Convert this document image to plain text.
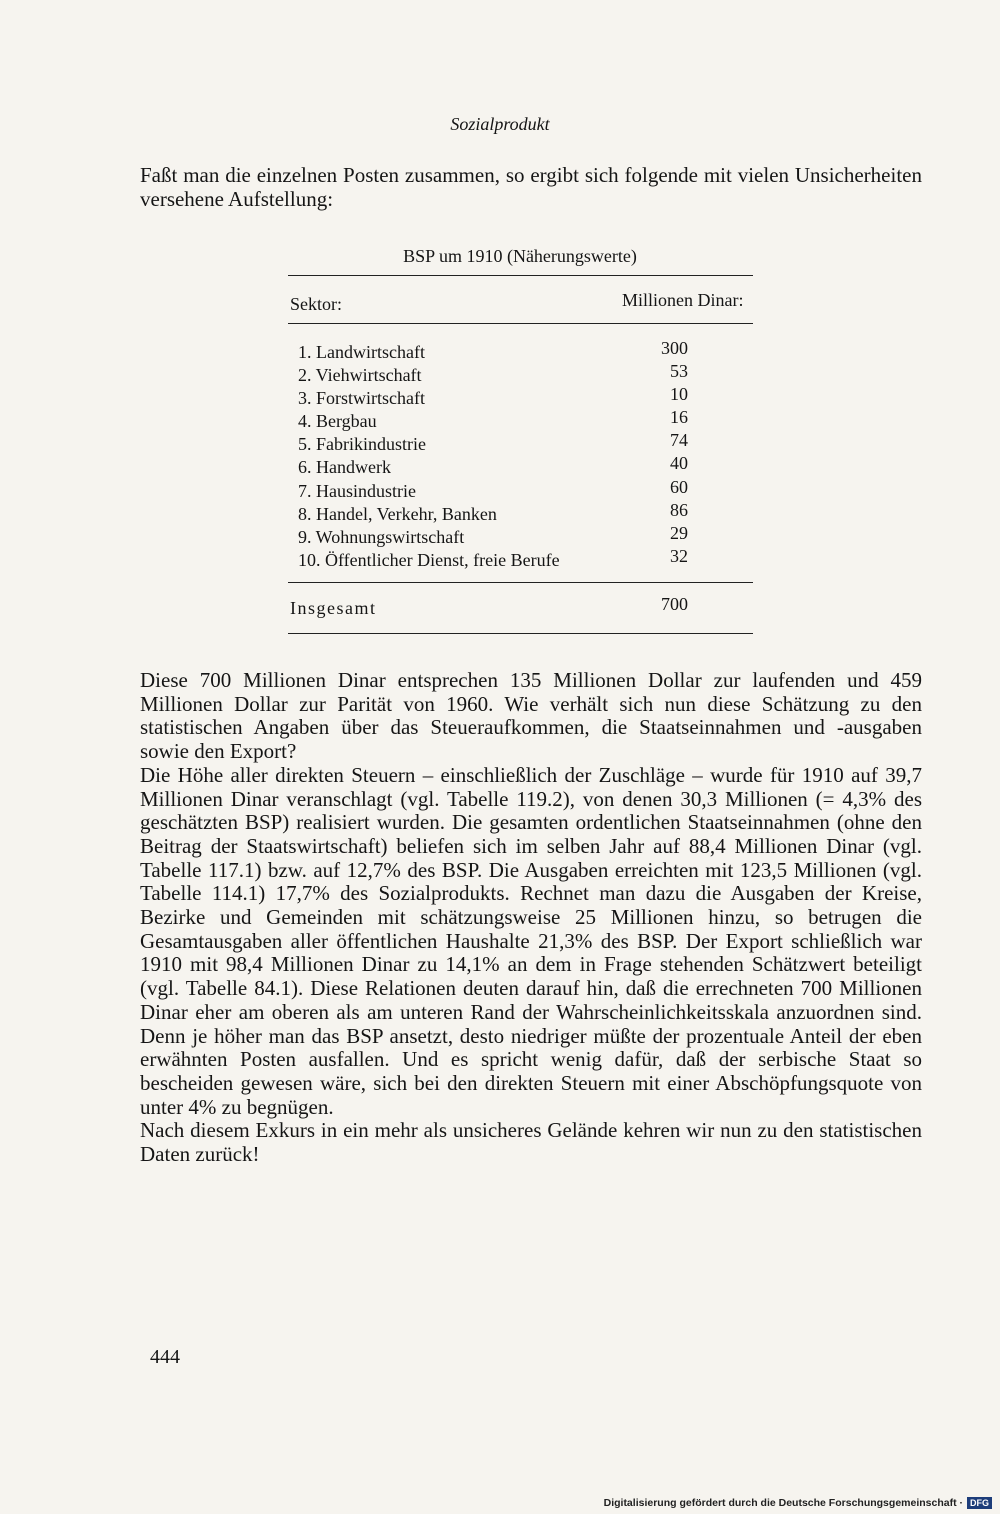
Sozialprodukt

Faßt man die einzelnen Posten zusammen, so ergibt sich folgende mit vielen Unsicherheiten versehene Aufstellung:

BSP um 1910 (Näherungswerte)
Sektor:	Millionen Dinar:
1. Landwirtschaft	300
2. Viehwirtschaft	53
3. Forstwirtschaft	10
4. Bergbau	16
5. Fabrikindustrie	74
6. Handwerk	40
7. Hausindustrie	60
8. Handel, Verkehr, Banken	86
9. Wohnungswirtschaft	29
10. Öffentlicher Dienst, freie Berufe	32
Insgesamt	700

Diese 700 Millionen Dinar entsprechen 135 Millionen Dollar zur laufenden und 459 Millionen Dollar zur Parität von 1960. Wie verhält sich nun diese Schätzung zu den statistischen Angaben über das Steueraufkommen, die Staatseinnahmen und -ausgaben sowie den Export?
Die Höhe aller direkten Steuern – einschließlich der Zuschläge – wurde für 1910 auf 39,7 Millionen Dinar veranschlagt (vgl. Tabelle 119.2), von denen 30,3 Millionen (= 4,3% des geschätzten BSP) realisiert wurden. Die gesamten ordentlichen Staatseinnahmen (ohne den Beitrag der Staatswirtschaft) beliefen sich im selben Jahr auf 88,4 Millionen Dinar (vgl. Tabelle 117.1) bzw. auf 12,7% des BSP. Die Ausgaben erreichten mit 123,5 Millionen (vgl. Tabelle 114.1) 17,7% des Sozialprodukts. Rechnet man dazu die Ausgaben der Kreise, Bezirke und Gemeinden mit schätzungsweise 25 Millionen hinzu, so betrugen die Gesamtausgaben aller öffentlichen Haushalte 21,3% des BSP. Der Export schließlich war 1910 mit 98,4 Millionen Dinar zu 14,1% an dem in Frage stehenden Schätzwert beteiligt (vgl. Tabelle 84.1). Diese Relationen deuten darauf hin, daß die errechneten 700 Millionen Dinar eher am oberen als am unteren Rand der Wahrscheinlichkeitsskala anzuordnen sind. Denn je höher man das BSP ansetzt, desto niedriger müßte der prozentuale Anteil der eben erwähnten Posten ausfallen. Und es spricht wenig dafür, daß der serbische Staat so bescheiden gewesen wäre, sich bei den direkten Steuern mit einer Abschöpfungsquote von unter 4% zu begnügen.
Nach diesem Exkurs in ein mehr als unsicheres Gelände kehren wir nun zu den statistischen Daten zurück!

444
Digitalisierung gefördert durch die Deutsche Forschungsgemeinschaft · DFG
